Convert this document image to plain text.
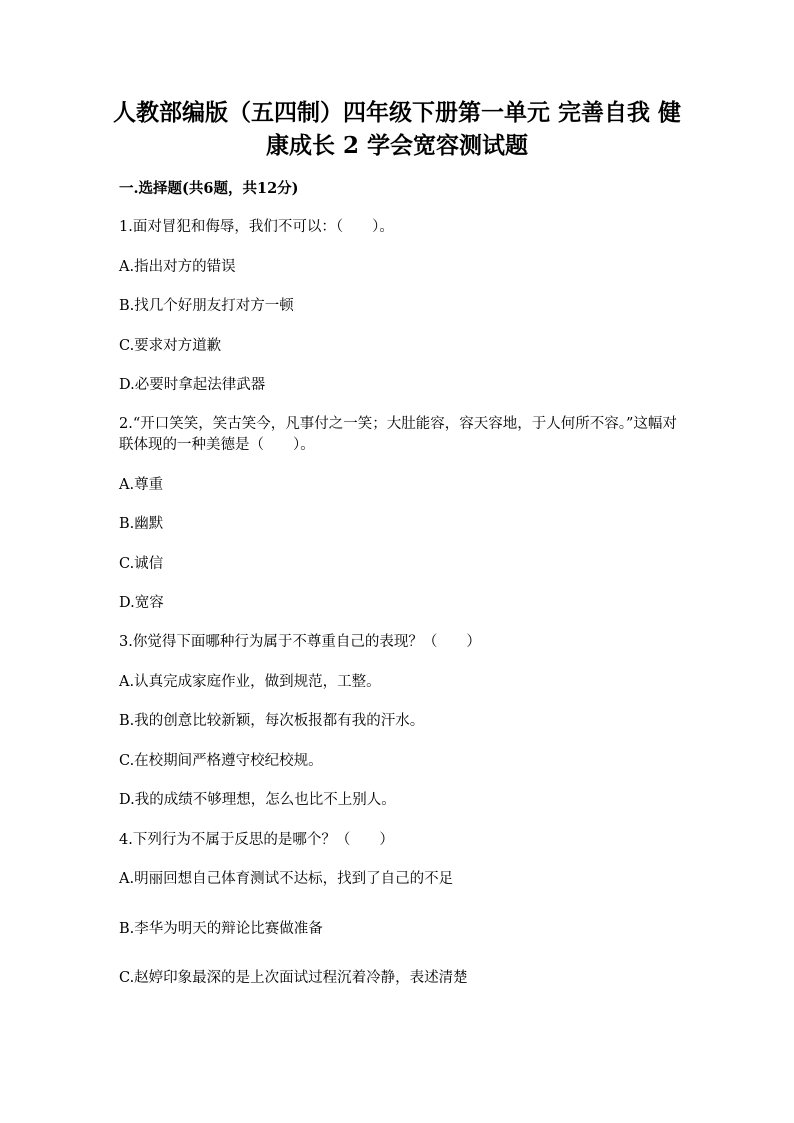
人教部编版（五四制）四年级下册第一单元 完善自我 健康成长 2 学会宽容测试题
一.选择题(共6题，共12分)
1.面对冒犯和侮辱，我们不可以：（　　）。
A.指出对方的错误
B.找几个好朋友打对方一顿
C.要求对方道歉
D.必要时拿起法律武器
2.“开口笑笑，笑古笑今，凡事付之一笑；大肚能容，容天容地，于人何所不容。”这幅对联体现的一种美德是（　　）。
A.尊重
B.幽默
C.诚信
D.宽容
3.你觉得下面哪种行为属于不尊重自己的表现？（　　）
A.认真完成家庭作业，做到规范，工整。
B.我的创意比较新颖，每次板报都有我的汗水。
C.在校期间严格遵守校纪校规。
D.我的成绩不够理想，怎么也比不上别人。
4.下列行为不属于反思的是哪个？（　　）
A.明丽回想自己体育测试不达标，找到了自己的不足
B.李华为明天的辩论比赛做准备
C.赵婷印象最深的是上次面试过程沉着冷静，表述清楚
